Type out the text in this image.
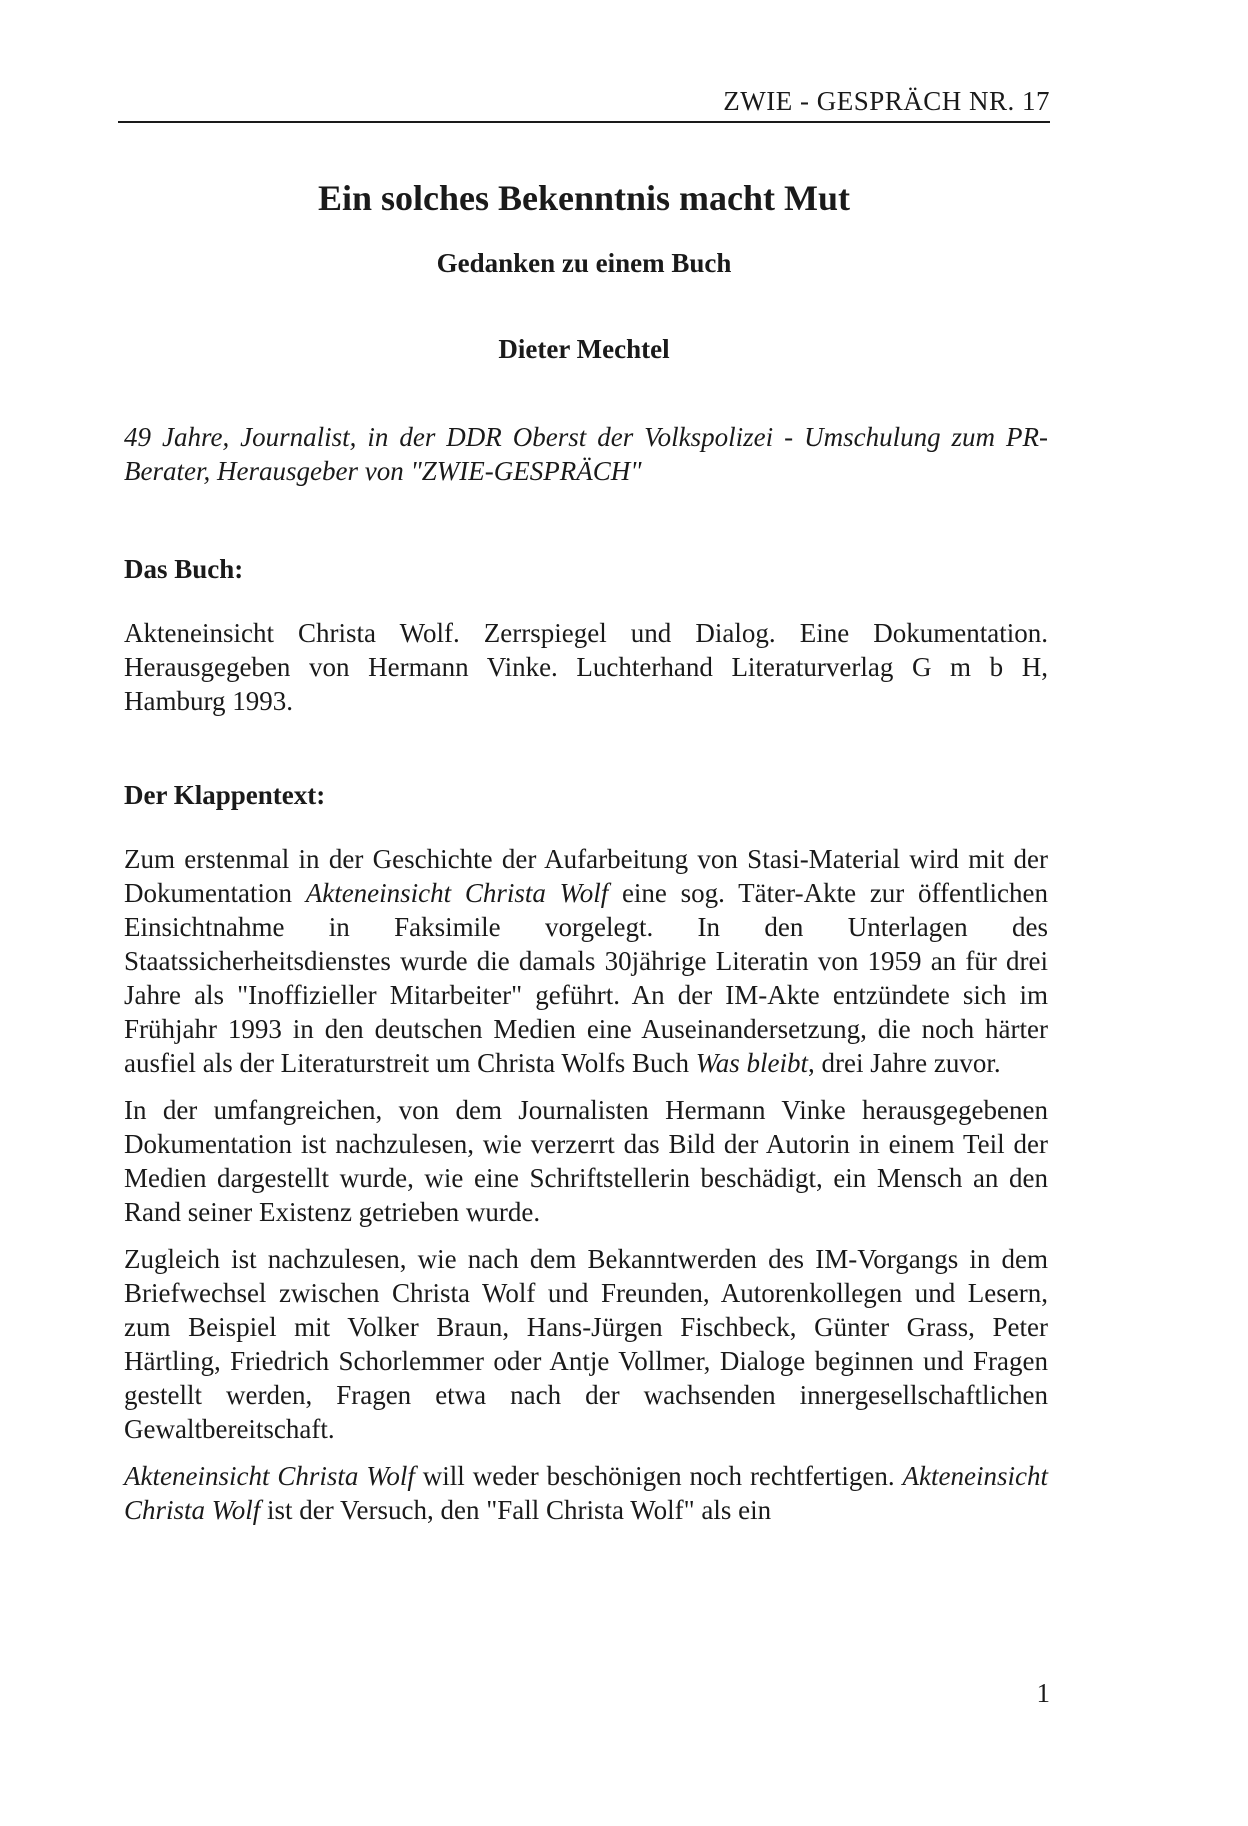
ZWIE - GESPRÄCH NR. 17
Ein solches Bekenntnis macht Mut
Gedanken zu einem Buch
Dieter Mechtel

49 Jahre, Journalist, in der DDR Oberst der Volkspolizei - Umschulung zum PR-Berater, Herausgeber von "ZWIE-GESPRÄCH"

Das Buch:

Akteneinsicht Christa Wolf. Zerrspiegel und Dialog. Eine Dokumentation. Herausgegeben von Hermann Vinke. Luchterhand Literaturverlag G m b H, Hamburg 1993.

Der Klappentext:

Zum erstenmal in der Geschichte der Aufarbeitung von Stasi-Material wird mit der Dokumentation Akteneinsicht Christa Wolf eine sog. Täter-Akte zur öffentlichen Einsichtnahme in Faksimile vorgelegt. In den Unterlagen des Staatssicherheitsdienstes wurde die damals 30jährige Literatin von 1959 an für drei Jahre als "Inoffizieller Mitarbeiter" geführt. An der IM-Akte entzündete sich im Frühjahr 1993 in den deutschen Medien eine Auseinandersetzung, die noch härter ausfiel als der Literaturstreit um Christa Wolfs Buch Was bleibt, drei Jahre zuvor.

In der umfangreichen, von dem Journalisten Hermann Vinke herausgegebenen Dokumentation ist nachzulesen, wie verzerrt das Bild der Autorin in einem Teil der Medien dargestellt wurde, wie eine Schriftstellerin beschädigt, ein Mensch an den Rand seiner Existenz getrieben wurde.

Zugleich ist nachzulesen, wie nach dem Bekanntwerden des IM-Vorgangs in dem Briefwechsel zwischen Christa Wolf und Freunden, Autorenkollegen und Lesern, zum Beispiel mit Volker Braun, Hans-Jürgen Fischbeck, Günter Grass, Peter Härtling, Friedrich Schorlemmer oder Antje Vollmer, Dialoge beginnen und Fragen gestellt werden, Fragen etwa nach der wachsenden innergesellschaftlichen Gewaltbereitschaft.

Akteneinsicht Christa Wolf will weder beschönigen noch rechtfertigen. Akteneinsicht Christa Wolf ist der Versuch, den "Fall Christa Wolf" als ein

1
